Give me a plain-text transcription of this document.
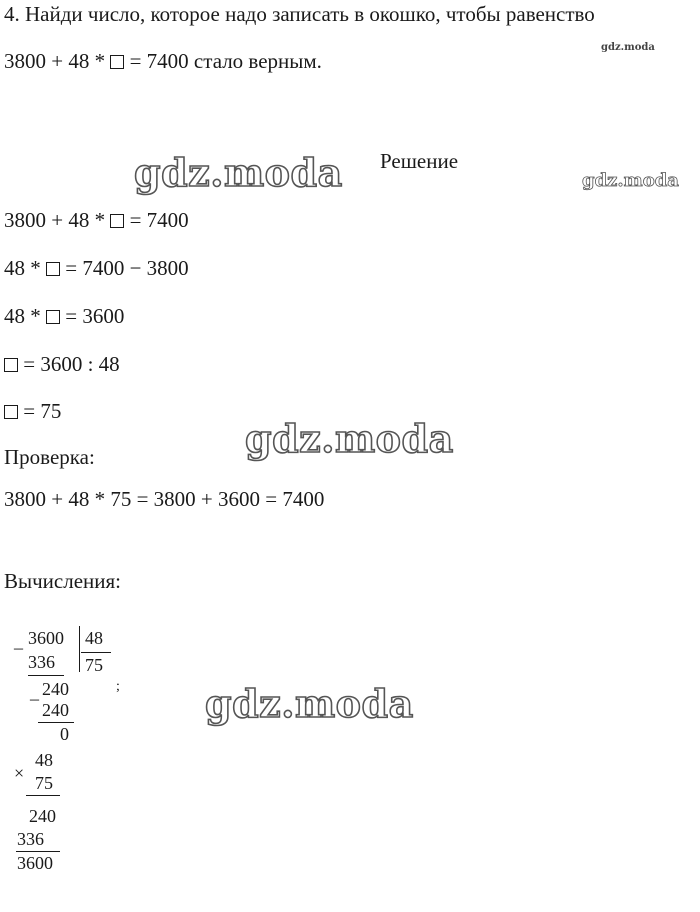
4. Найди число, которое надо записать в окошко, чтобы равенство
3800 + 48 *  = 7400 стало верным.
gdz.moda
gdz.moda	gdz.moda
gdz.moda
gdz.moda
Решение
3800 + 48 *  = 7400
48 *  = 7400 − 3800
48 *  = 3600
= 3600 : 48
= 75
Проверка:
3800 + 48 * 75 = 3800 + 3600 = 7400
Вычисления:
_ 3600 48
336 75
_ 240	;
240
0
×
48
75
240
336
3600
